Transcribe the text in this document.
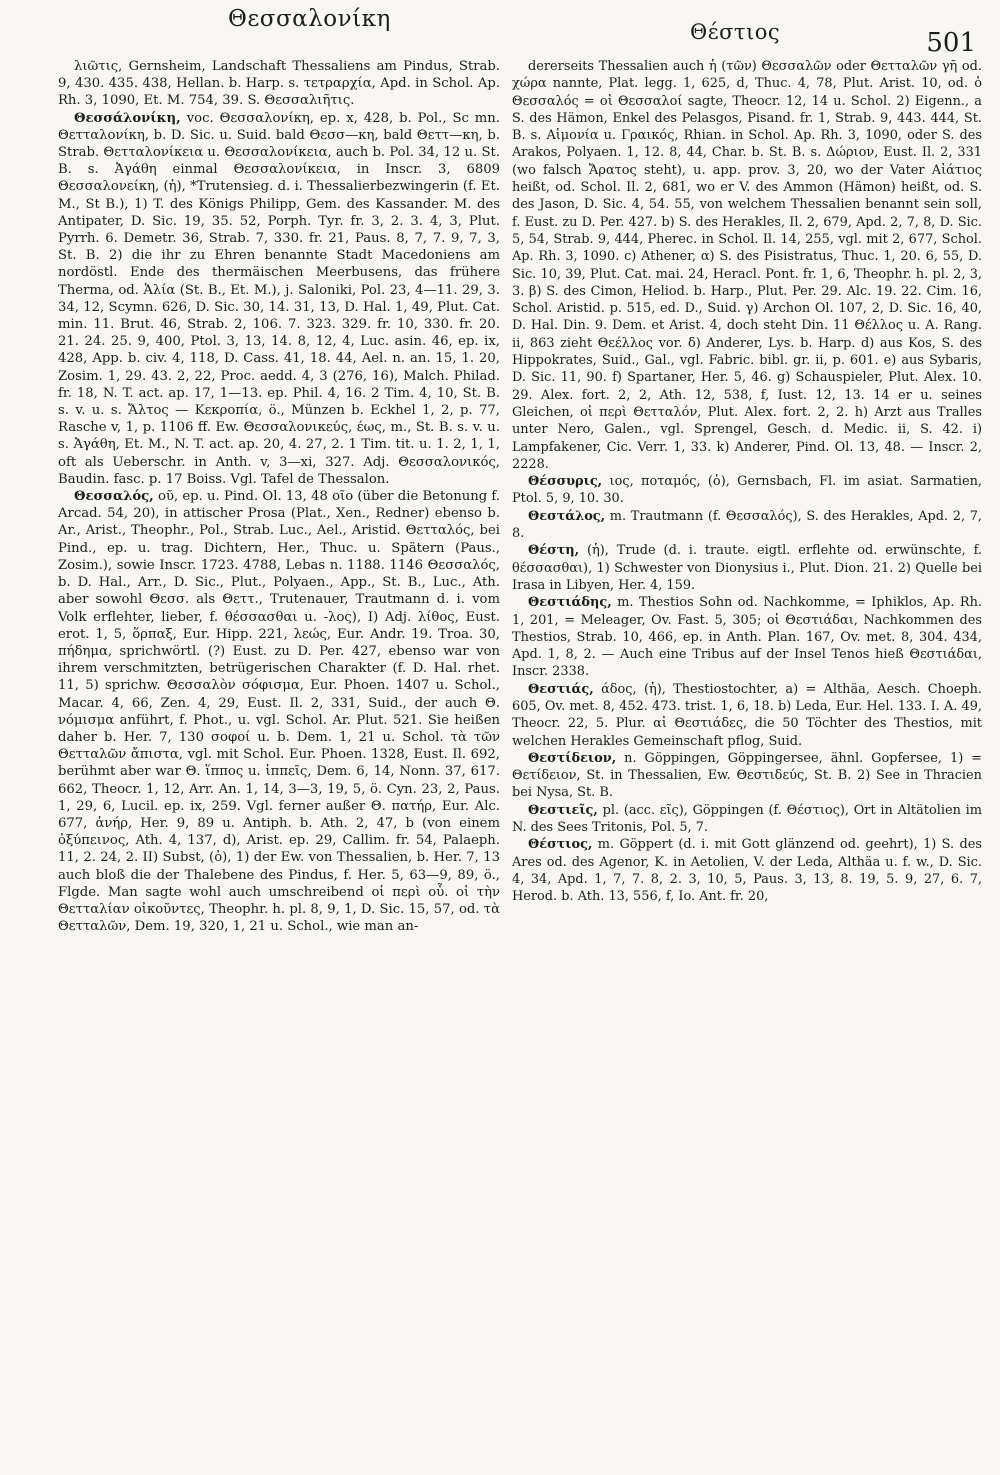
Θεσσαλονίκη	Θέστιος	501

λιῶτις, Gernsheim, Landschaft Thessaliens am Pindus, Strab. 9, 430. 435. 438, Hellan. b. Harp. s. τετραρχία, Apd. in Schol. Ap. Rh. 3, 1090, Et. M. 754, 39. S. Θεσσαλιῆτις.

Θεσσάλονίκη, voc. Θεσσαλονίκη, ep. x, 428, b. Pol., Sc mn. Θετταλονίκη, b. D. Sic. u. Suid. bald Θεσσ—κη, bald Θεττ—κη, b. Strab. Θετταλονίκεια u. Θεσσαλονίκεια, auch b. Pol. 34, 12 u. St. B. s. Ἀγάθη einmal Θεσσαλονίκεια, in Inscr. 3, 6809 Θεσσαλονείκη, (ἡ), *Trutensieg. d. i. Thessalierbezwingerin (f. Et. M., St B.), 1) T. des Königs Philipp, Gem. des Kassander. M. des Antipater, D. Sic. 19, 35. 52, Porph. Tyr. fr. 3, 2. 3. 4, 3, Plut. Pyrrh. 6. Demetr. 36, Strab. 7, 330. fr. 21, Paus. 8, 7, 7. 9, 7, 3, St. B. 2) die ihr zu Ehren benannte Stadt Macedoniens am nordöstl. Ende des thermäischen Meerbusens, das frühere Therma, od. Ἁλία (St. B., Et. M.), j. Saloniki, Pol. 23, 4—11. 29, 3. 34, 12, Scymn. 626, D. Sic. 30, 14. 31, 13, D. Hal. 1, 49, Plut. Cat. min. 11. Brut. 46, Strab. 2, 106. 7. 323. 329. fr. 10, 330. fr. 20. 21. 24. 25. 9, 400, Ptol. 3, 13, 14. 8, 12, 4, Luc. asin. 46, ep. ix, 428, App. b. civ. 4, 118, D. Cass. 41, 18. 44, Ael. n. an. 15, 1. 20, Zosim. 1, 29. 43. 2, 22, Proc. aedd. 4, 3 (276, 16), Malch. Philad. fr. 18, N. T. act. ap. 17, 1—13. ep. Phil. 4, 16. 2 Tim. 4, 10, St. B. s. v. u. s. Ἄλτος — Κεκροπία, ö., Münzen b. Eckhel 1, 2, p. 77, Rasche v, 1, p. 1106 ff. Ew. Θεσσαλονικεύς, έως, m., St. B. s. v. u. s. Ἀγάθη, Et. M., N. T. act. ap. 20, 4. 27, 2. 1 Tim. tit. u. 1. 2, 1, 1, oft als Ueberschr. in Anth. v, 3—xi, 327. Adj. Θεσσαλονικός, Baudin. fasc. p. 17 Boiss. Vgl. Tafel de Thessalon.

Θεσσαλός, οῦ, ep. u. Pind. Ol. 13, 48 οῖο (über die Betonung f. Arcad. 54, 20), in attischer Prosa (Plat., Xen., Redner) ebenso b. Ar., Arist., Theophr., Pol., Strab. Luc., Ael., Aristid. Θετταλός, bei Pind., ep. u. trag. Dichtern, Her., Thuc. u. Spätern (Paus., Zosim.), sowie Inscr. 1723. 4788, Lebas n. 1188. 1146 Θεσσαλός, b. D. Hal., Arr., D. Sic., Plut., Polyaen., App., St. B., Luc., Ath. aber sowohl Θεσσ. als Θεττ., Trutenauer, Trautmann d. i. vom Volk erflehter, lieber, f. θέσσασθαι u. -λος), I) Adj. λίθος, Eust. erot. 1, 5, ὅρπαξ, Eur. Hipp. 221, λεώς, Eur. Andr. 19. Troa. 30, πήδημα, sprichwörtl. (?) Eust. zu D. Per. 427, ebenso war von ihrem verschmitzten, betrügerischen Charakter (f. D. Hal. rhet. 11, 5) sprichw. Θεσσαλὸν σόφισμα, Eur. Phoen. 1407 u. Schol., Macar. 4, 66, Zen. 4, 29, Eust. Il. 2, 331, Suid., der auch Θ. νόμισμα anführt, f. Phot., u. vgl. Schol. Ar. Plut. 521. Sie heißen daher b. Her. 7, 130 σοφοί u. b. Dem. 1, 21 u. Schol. τὰ τῶν Θετταλῶν ἄπιστα, vgl. mit Schol. Eur. Phoen. 1328, Eust. Il. 692, berühmt aber war Θ. ἵππος u. ἱππεῖς, Dem. 6, 14, Nonn. 37, 617. 662, Theocr. 1, 12, Arr. An. 1, 14, 3—3, 19, 5, ö. Cyn. 23, 2, Paus. 1, 29, 6, Lucil. ep. ix, 259. Vgl. ferner außer Θ. πατήρ, Eur. Alc. 677, ἀνήρ, Her. 9, 89 u. Antiph. b. Ath. 2, 47, b (von einem ὀξύπεινος, Ath. 4, 137, d), Arist. ep. 29, Callim. fr. 54, Palaeph. 11, 2. 24, 2. II) Subst, (ὁ), 1) der Ew. von Thessalien, b. Her. 7, 13 auch bloß die der Thalebene des Pindus, f. Her. 5, 63—9, 89, ö., Flgde. Man sagte wohl auch umschreibend οἱ περὶ οὗ. οἱ τὴν Θετταλίαν οἰκοῦντες, Theophr. h. pl. 8, 9, 1, D. Sic. 15, 57, od. τὰ Θετταλῶν, Dem. 19, 320, 1, 21 u. Schol., wie man an-

dererseits Thessalien auch ἡ (τῶν) Θεσσαλῶν oder Θετταλῶν γῆ od. χώρα nannte, Plat. legg. 1, 625, d, Thuc. 4, 78, Plut. Arist. 10, od. ὁ Θεσσαλός = οἱ Θεσσαλοί sagte, Theocr. 12, 14 u. Schol. 2) Eigenn., a S. des Hämon, Enkel des Pelasgos, Pisand. fr. 1, Strab. 9, 443. 444, St. B. s. Αἱμονία u. Γραικός, Rhian. in Schol. Ap. Rh. 3, 1090, oder S. des Arakos, Polyaen. 1, 12. 8, 44, Char. b. St. B. s. Δώριον, Eust. Il. 2, 331 (wo falsch Ἄρατος steht), u. app. prov. 3, 20, wo der Vater Αἰάτιος heißt, od. Schol. Il. 2, 681, wo er V. des Ammon (Hämon) heißt, od. S. des Jason, D. Sic. 4, 54. 55, von welchem Thessalien benannt sein soll, f. Eust. zu D. Per. 427. b) S. des Herakles, Il. 2, 679, Apd. 2, 7, 8, D. Sic. 5, 54, Strab. 9, 444, Pherec. in Schol. Il. 14, 255, vgl. mit 2, 677, Schol. Ap. Rh. 3, 1090. c) Athener, α) S. des Pisistratus, Thuc. 1, 20. 6, 55, D. Sic. 10, 39, Plut. Cat. mai. 24, Heracl. Pont. fr. 1, 6, Theophr. h. pl. 2, 3, 3. β) S. des Cimon, Heliod. b. Harp., Plut. Per. 29. Alc. 19. 22. Cim. 16, Schol. Aristid. p. 515, ed. D., Suid. γ) Archon Ol. 107, 2, D. Sic. 16, 40, D. Hal. Din. 9. Dem. et Arist. 4, doch steht Din. 11 Θέλλος u. A. Rang. ii, 863 zieht Θεέλλος vor. δ) Anderer, Lys. b. Harp. d) aus Kos, S. des Hippokrates, Suid., Gal., vgl. Fabric. bibl. gr. ii, p. 601. e) aus Sybaris, D. Sic. 11, 90. f) Spartaner, Her. 5, 46. g) Schauspieler, Plut. Alex. 10. 29. Alex. fort. 2, 2, Ath. 12, 538, f, Iust. 12, 13. 14 er u. seines Gleichen, οἱ περὶ Θετταλόν, Plut. Alex. fort. 2, 2. h) Arzt aus Tralles unter Nero, Galen., vgl. Sprengel, Gesch. d. Medic. ii, S. 42. i) Lampfakener, Cic. Verr. 1, 33. k) Anderer, Pind. Ol. 13, 48. — Inscr. 2, 2228.

Θέσσυρις, ιος, ποταμός, (ὁ), Gernsbach, Fl. im asiat. Sarmatien, Ptol. 5, 9, 10. 30.

Θεστάλος, m. Trautmann (f. Θεσσαλός), S. des Herakles, Apd. 2, 7, 8.

Θέστη, (ἡ), Trude (d. i. traute. eigtl. erflehte od. erwünschte, f. θέσσασθαι), 1) Schwester von Dionysius i., Plut. Dion. 21. 2) Quelle bei Irasa in Libyen, Her. 4, 159.

Θεστιάδης, m. Thestios Sohn od. Nachkomme, = Iphiklos, Ap. Rh. 1, 201, = Meleager, Ov. Fast. 5, 305; οἱ Θεστιάδαι, Nachkommen des Thestios, Strab. 10, 466, ep. in Anth. Plan. 167, Ov. met. 8, 304. 434, Apd. 1, 8, 2. — Auch eine Tribus auf der Insel Tenos hieß Θεστιάδαι, Inscr. 2338.

Θεστιάς, άδος, (ἡ), Thestiostochter, a) = Althäa, Aesch. Choeph. 605, Ov. met. 8, 452. 473. trist. 1, 6, 18. b) Leda, Eur. Hel. 133. I. A. 49, Theocr. 22, 5. Plur. αἱ Θεστιάδες, die 50 Töchter des Thestios, mit welchen Herakles Gemeinschaft pflog, Suid.

Θεστίδειον, n. Göppingen, Göppingersee, ähnl. Gopfersee, 1) = Θετίδειον, St. in Thessalien, Ew. Θεστιδεύς, St. B. 2) See in Thracien bei Nysa, St. B.

Θεστιεῖς, pl. (acc. εῖς), Göppingen (f. Θέστιος), Ort in Altätolien im N. des Sees Tritonis, Pol. 5, 7.

Θέστιος, m. Göppert (d. i. mit Gott glänzend od. geehrt), 1) S. des Ares od. des Agenor, K. in Aetolien, V. der Leda, Althäa u. f. w., D. Sic. 4, 34, Apd. 1, 7, 7. 8, 2. 3, 10, 5, Paus. 3, 13, 8. 19, 5. 9, 27, 6. 7, Herod. b. Ath. 13, 556, f, Io. Ant. fr. 20,
